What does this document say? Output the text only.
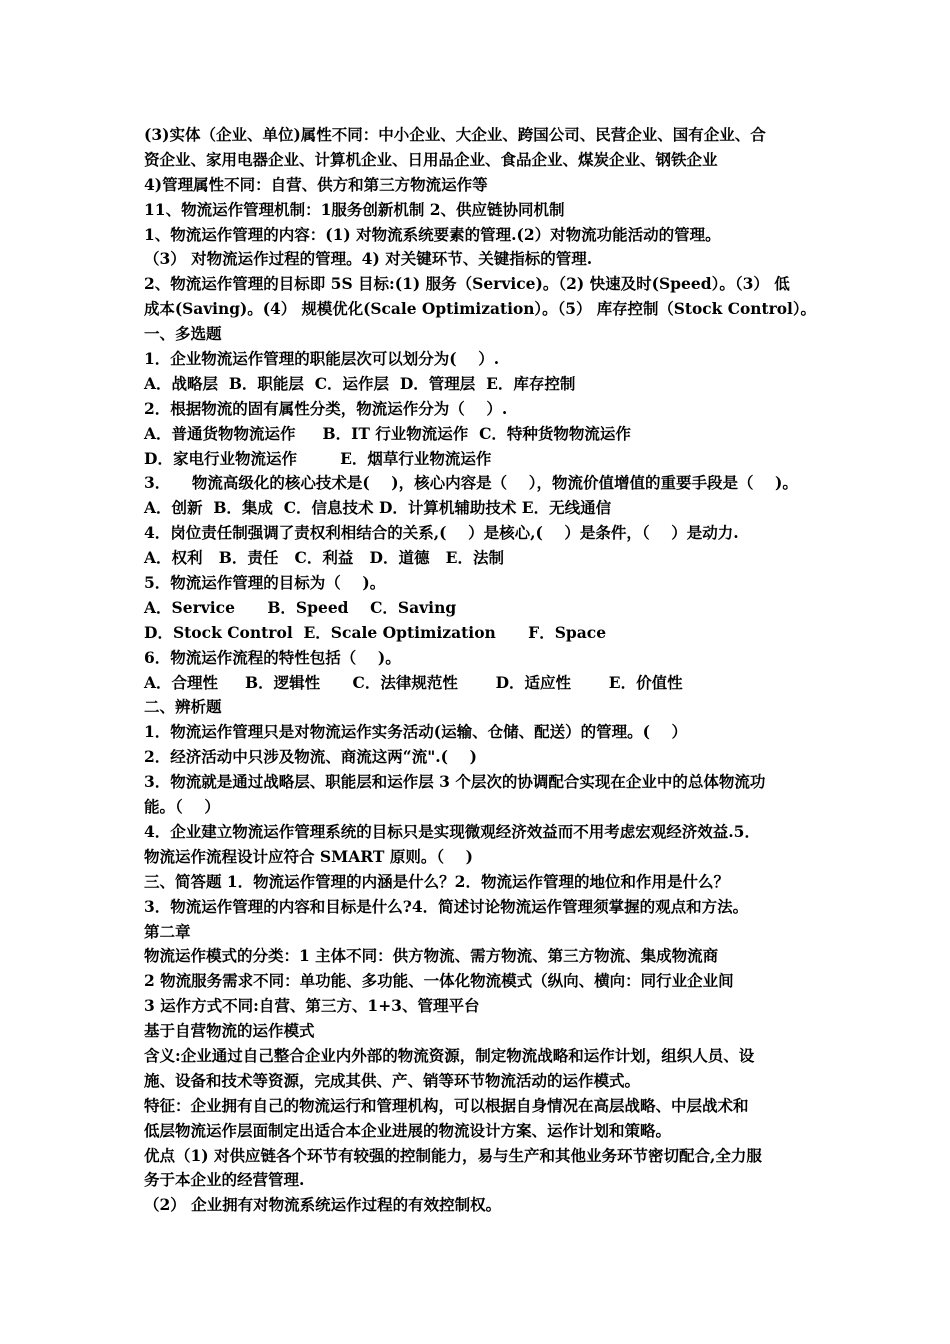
(3)实体（企业、单位)属性不同：中小企业、大企业、跨国公司、民营企业、国有企业、合
资企业、家用电器企业、计算机企业、日用品企业、食品企业、煤炭企业、钢铁企业
4)管理属性不同：自营、供方和第三方物流运作等
11、物流运作管理机制：1服务创新机制 2、供应链协同机制
1、物流运作管理的内容：(1) 对物流系统要素的管理.(2）对物流功能活动的管理。
（3） 对物流运作过程的管理。4) 对关键环节、关键指标的管理.
2、物流运作管理的目标即 5S 目标:(1) 服务（Service)。（2) 快速及时(Speed）。（3） 低
成本(Saving)。(4） 规模优化(Scale Optimization）。（5） 库存控制（Stock Control）。
一、多选题
1．企业物流运作管理的职能层次可以划分为(    ）.
A．战略层  B．职能层  C．运作层  D．管理层  E．库存控制
2．根据物流的固有属性分类，物流运作分为（    ）.
A．普通货物物流运作     B．IT 行业物流运作  C．特种货物物流运作
D．家电行业物流运作        E．烟草行业物流运作
3．    物流高级化的核心技术是(    )，核心内容是（    ），物流价值增值的重要手段是（    )。
A．创新  B．集成  C．信息技术 D．计算机辅助技术 E．无线通信
4．岗位责任制强调了责权利相结合的关系,(    ）是核心,(    ）是条件，（    ）是动力.
A．权利   B．责任   C．利益   D．道德   E．法制
5．物流运作管理的目标为（    )。
A．Service      B．Speed    C．Saving
D．Stock Control  E．Scale Optimization      F．Space
6．物流运作流程的特性包括（    )。
A．合理性     B．逻辑性      C．法律规范性       D．适应性       E．价值性
二、辨析题
1．物流运作管理只是对物流运作实务活动(运输、仓储、配送）的管理。(    ）
2．经济活动中只涉及物流、商流这两“流".(    )
3．物流就是通过战略层、职能层和运作层 3 个层次的协调配合实现在企业中的总体物流功
能。（    ）
4．企业建立物流运作管理系统的目标只是实现微观经济效益而不用考虑宏观经济效益.5．
物流运作流程设计应符合 SMART 原则。（    )
三、简答题 1．物流运作管理的内涵是什么？2．物流运作管理的地位和作用是什么？
3．物流运作管理的内容和目标是什么?4．简述讨论物流运作管理须掌握的观点和方法。
第二章
物流运作模式的分类：1 主体不同：供方物流、需方物流、第三方物流、集成物流商
2 物流服务需求不同：单功能、多功能、一体化物流模式（纵向、横向：同行业企业间
3 运作方式不同:自营、第三方、1+3、管理平台
基于自营物流的运作模式
含义:企业通过自己整合企业内外部的物流资源，制定物流战略和运作计划，组织人员、设
施、设备和技术等资源，完成其供、产、销等环节物流活动的运作模式。
特征：企业拥有自己的物流运行和管理机构，可以根据自身情况在高层战略、中层战术和
低层物流运作层面制定出适合本企业进展的物流设计方案、运作计划和策略。
优点（1) 对供应链各个环节有较强的控制能力，易与生产和其他业务环节密切配合,全力服
务于本企业的经营管理.
（2） 企业拥有对物流系统运作过程的有效控制权。
